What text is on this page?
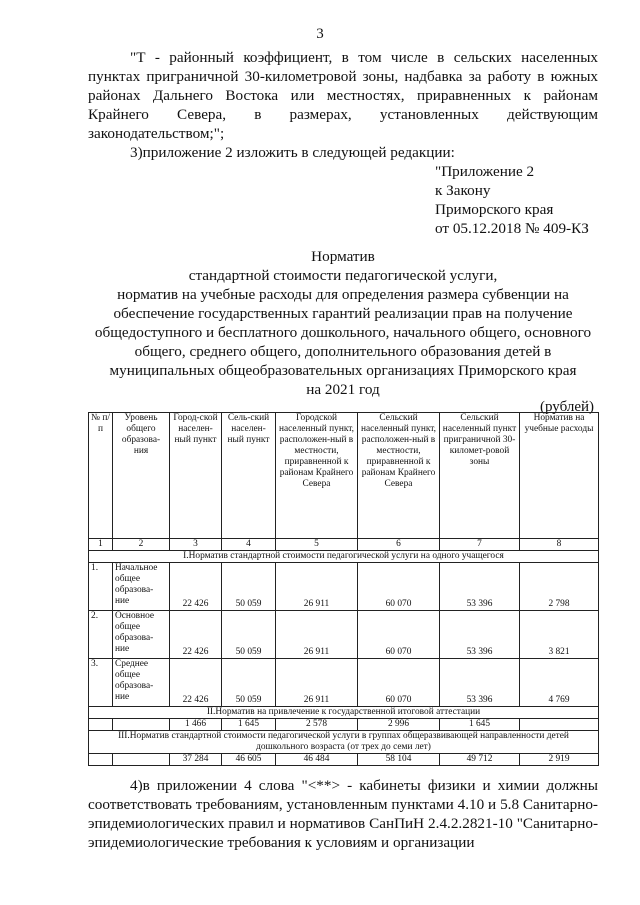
3

"Т - районный коэффициент, в том числе в сельских населенных пунктах приграничной 30-километровой зоны, надбавка за работу в южных районах Дальнего Востока или местностях, приравненных к районам Крайнего Севера, в размерах, установленных действующим законодательством;";

3)приложение 2 изложить в следующей редакции:

"Приложение 2
к Закону
Приморского края
от 05.12.2018 № 409-КЗ
Норматив
стандартной стоимости педагогической услуги,
норматив на учебные расходы для определения размера субвенции на
обеспечение государственных гарантий реализации прав на получение
общедоступного и бесплатного дошкольного, начального общего, основного
общего, среднего общего, дополнительного образования детей в
муниципальных общеобразовательных организациях Приморского края
на 2021 год
(рублей)
№ п/п	Уровень общего образова-ния	Город-ской населен-ный пункт	Сель-ский населен-ный пункт	Городской населенный пункт, расположен-ный в местности, приравненной к районам Крайнего Севера	Сельский населенный пункт, расположен-ный в местности, приравненной к районам Крайнего Севера	Сельский населенный пункт приграничной 30-километ-ровой зоны	Норматив на учебные расходы
1	2	3	4	5	6	7	8
I.Норматив стандартной стоимости педагогической услуги на одного учащегося							
1.	Начальное общее образова-ние	22 426	50 059	26 911	60 070	53 396	2 798
2.	Основное общее образова-ние	22 426	50 059	26 911	60 070	53 396	3 821
3.	Среднее общее образова-ние	22 426	50 059	26 911	60 070	53 396	4 769
II.Норматив на привлечение к государственной итоговой аттестации							
		1 466	1 645	2 578	2 996	1 645	
III.Норматив стандартной стоимости педагогической услуги в группах общеразвивающей направленности детей дошкольного возраста (от трех до семи лет)							
		37 284	46 605	46 484	58 104	49 712	2 919

4)в приложении 4 слова "<**> - кабинеты физики и химии должны соответствовать требованиям, установленным пунктами 4.10 и 5.8 Санитарно-эпидемиологических правил и нормативов СанПиН 2.4.2.2821-10 "Санитарно-эпидемиологические требования к условиям и организации
